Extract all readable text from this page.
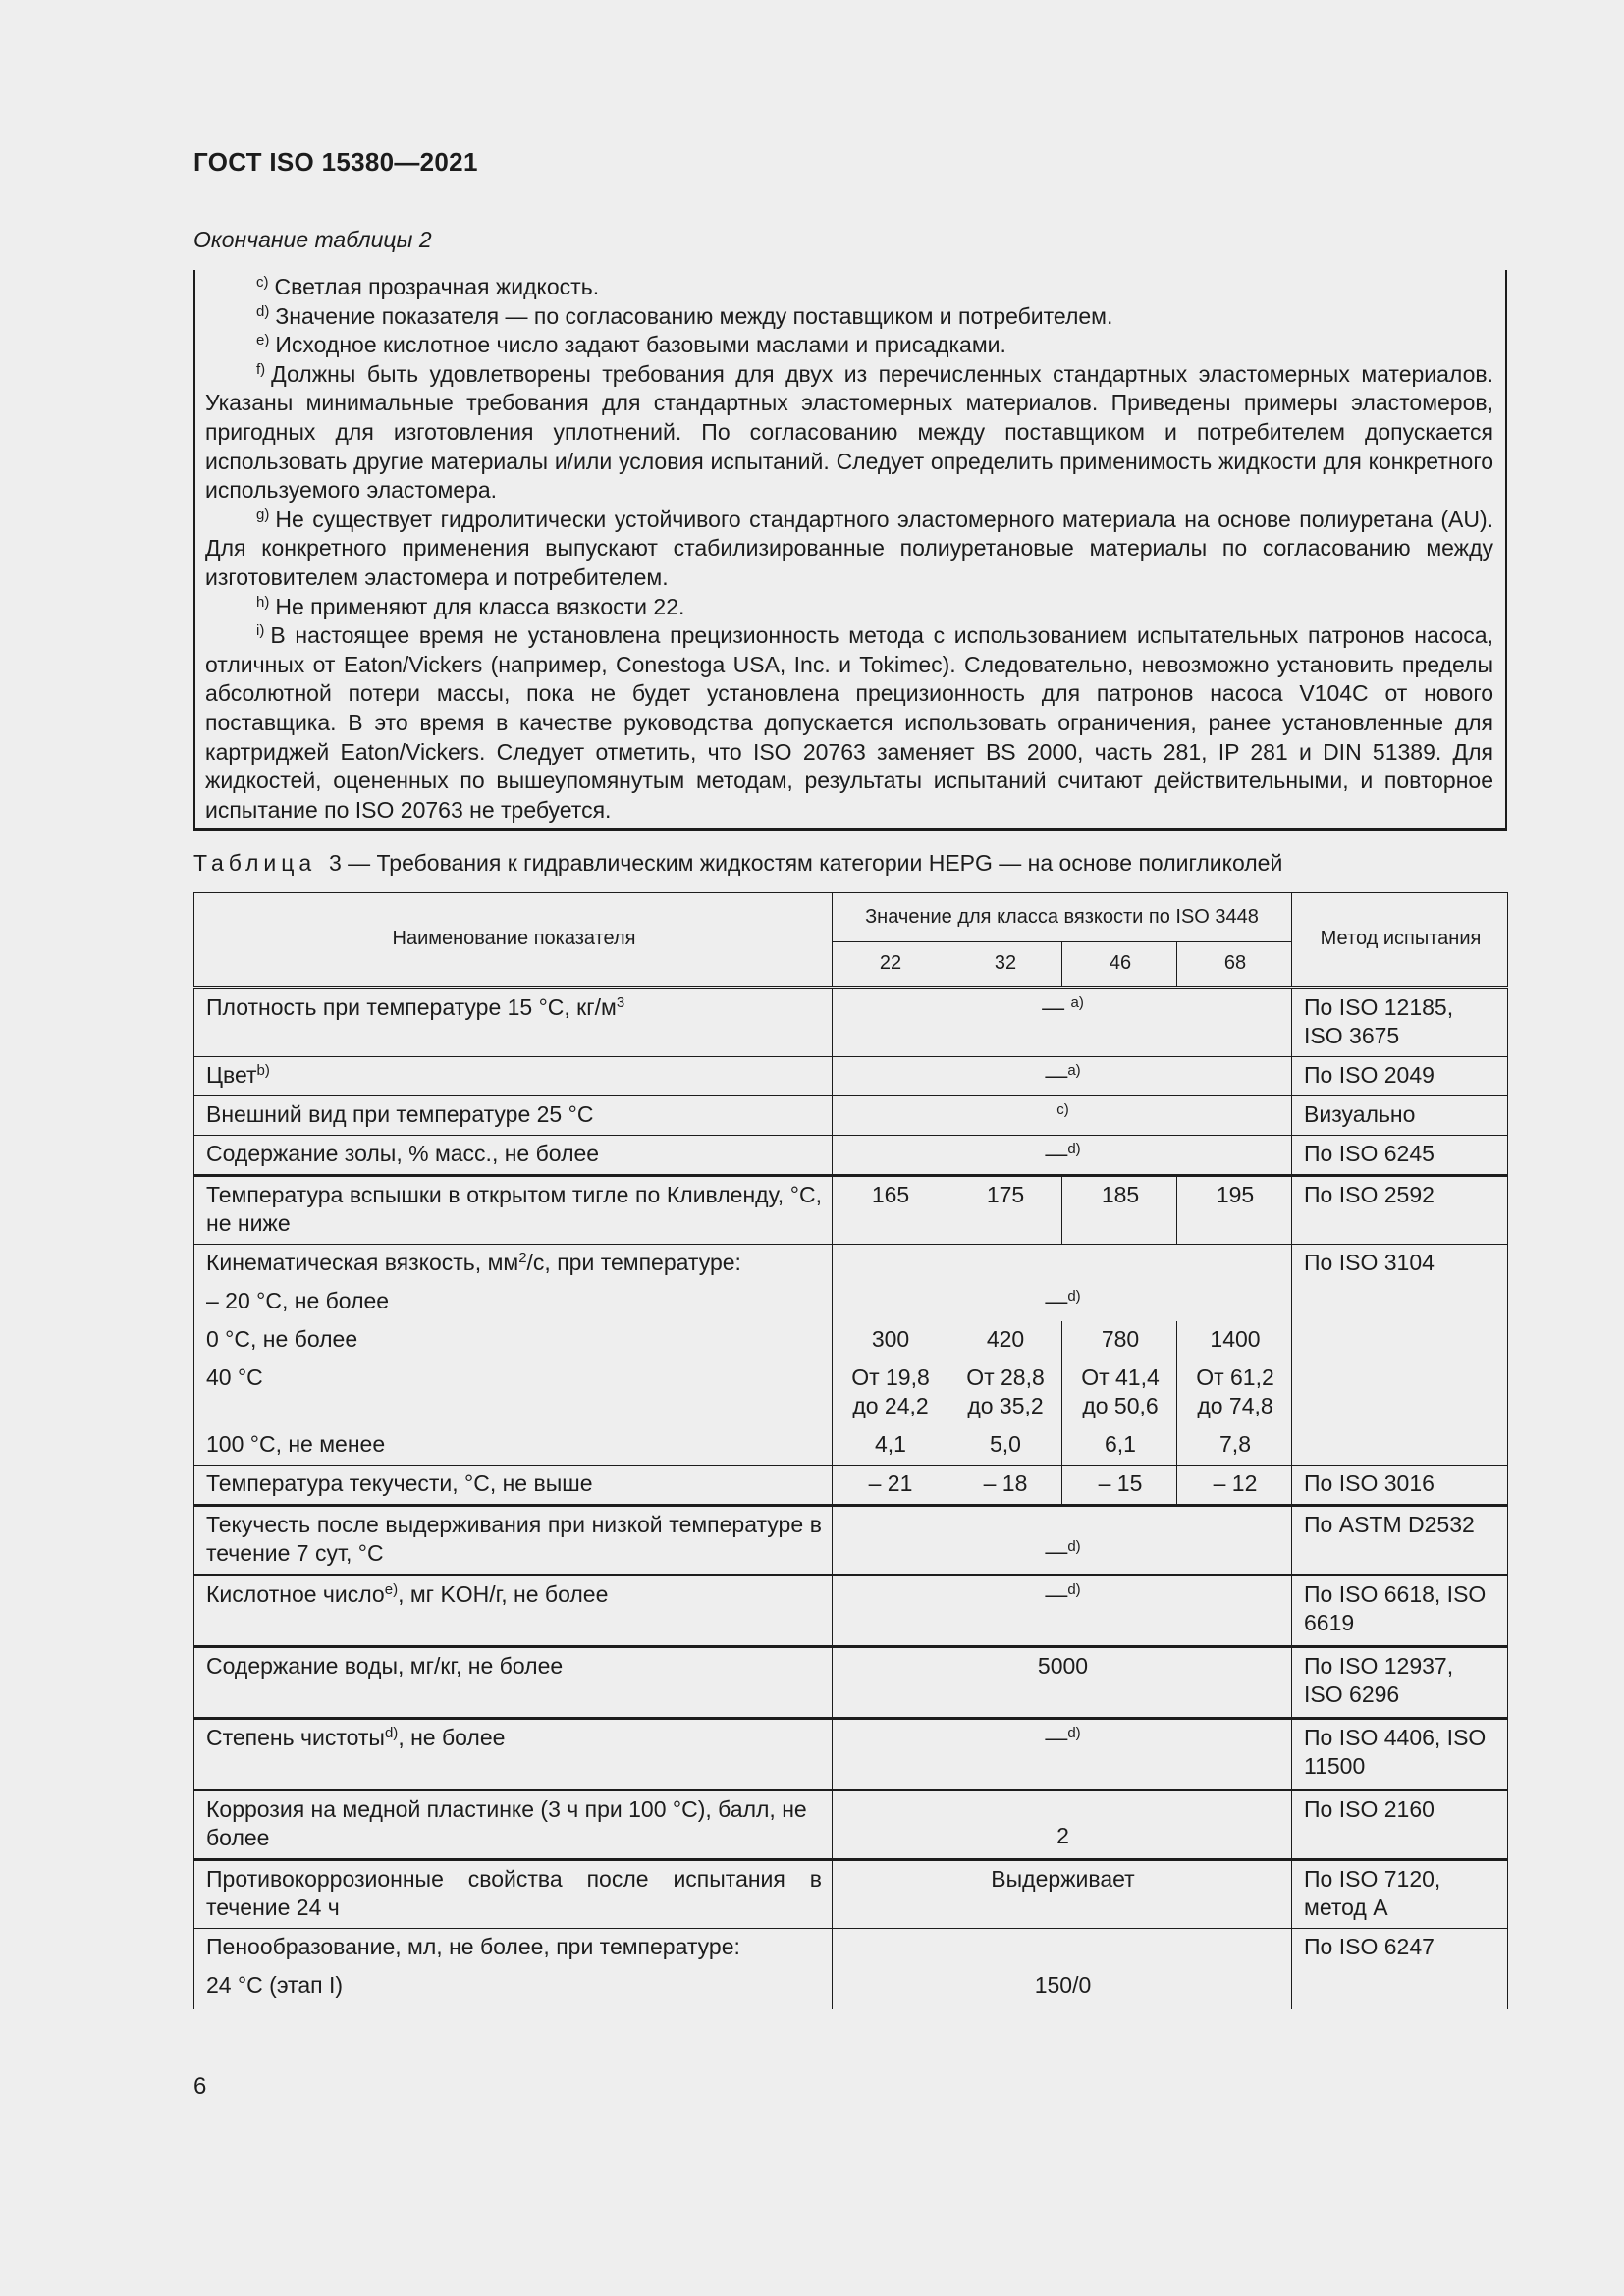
ГОСТ ISO 15380—2021
Окончание таблицы 2

$^{c)}$ Светлая прозрачная жидкость.

$^{d)}$ Значение показателя — по согласованию между поставщиком и потребителем.

$^{e)}$ Исходное кислотное число задают базовыми маслами и присадками.

$^{f)}$ Должны быть удовлетворены требования для двух из перечисленных стандартных эластомерных материалов. Указаны минимальные требования для стандартных эластомерных материалов. Приведены примеры эластомеров, пригодных для изготовления уплотнений. По согласованию между поставщиком и потребителем допускается использовать другие материалы и/или условия испытаний. Следует определить применимость жидкости для конкретного используемого эластомера.

$^{g)}$ Не существует гидролитически устойчивого стандартного эластомерного материала на основе полиуретана (AU). Для конкретного применения выпускают стабилизированные полиуретановые материалы по согласованию между изготовителем эластомера и потребителем.

$^{h)}$ Не применяют для класса вязкости 22.

$^{i)}$ В настоящее время не установлена прецизионность метода с использованием испытательных патронов насоса, отличных от Eaton/Vickers (например, Conestoga USA, Inc. и Tokimec). Следовательно, невозможно установить пределы абсолютной потери массы, пока не будет установлена прецизионность для патронов насоса V104C от нового поставщика. В это время в качестве руководства допускается использовать ограничения, ранее установленные для картриджей Eaton/Vickers. Следует отметить, что ISO 20763 заменяет BS 2000, часть 281, IP 281 и DIN 51389. Для жидкостей, оцененных по вышеупомянутым методам, результаты испытаний считают действительными, и повторное испытание по ISO 20763 не требуется.

Таблица 3 — Требования к гидравлическим жидкостям категории HEPG — на основе полигликолей
Наименование показателя	Значение для класса вязкости по ISO 3448				Метод испытания
	22	32	46	68	
Плотность при температуре 15 °C, $кг/м^3$	— $^{a)}$				По ISO 12185, ISO 3675
Цвет$^{b)}$	—$^{a)}$				По ISO 2049
Внешний вид при температуре 25 °C	$^{c)}$				Визуально
Содержание золы, % масс., не более	—$^{d)}$				По ISO 6245
Температура вспышки в открытом тигле по Кливленду, °C, не ниже	165	175	185	195	По ISO 2592
Кинематическая вязкость, $мм^2/с$, при температуре:					По ISO 3104
– 20 °C, не более	—$^{d)}$
0 °C, не более	300	420	780	1400	
40 °C	От 19,8 до 24,2	От 28,8 до 35,2	От 41,4 до 50,6	От 61,2 до 74,8	
100 °C, не менее	4,1	5,0	6,1	7,8	
Температура текучести, °C, не выше	– 21	– 18	– 15	– 12	По ISO 3016
Текучесть после выдерживания при низкой температуре в течение 7 сут, °C	—$^{d)}$				По ASTM D2532
Кислотное число$^{e)}$, мг KOH/г, не более	—$^{d)}$				По ISO 6618, ISO 6619
Содержание воды, мг/кг, не более	5000				По ISO 12937, ISO 6296
Степень чистоты$^{d)}$, не более	—$^{d)}$				По ISO 4406, ISO 11500
Коррозия на медной пластинке (3 ч при 100 °C), балл, не более	2				По ISO 2160
Противокоррозионные свойства после испытания в течение 24 ч	Выдерживает				По ISO 7120, метод A
Пенообразование, мл, не более, при температуре:					По ISO 6247
24 °C (этап I)	150/0				
6
